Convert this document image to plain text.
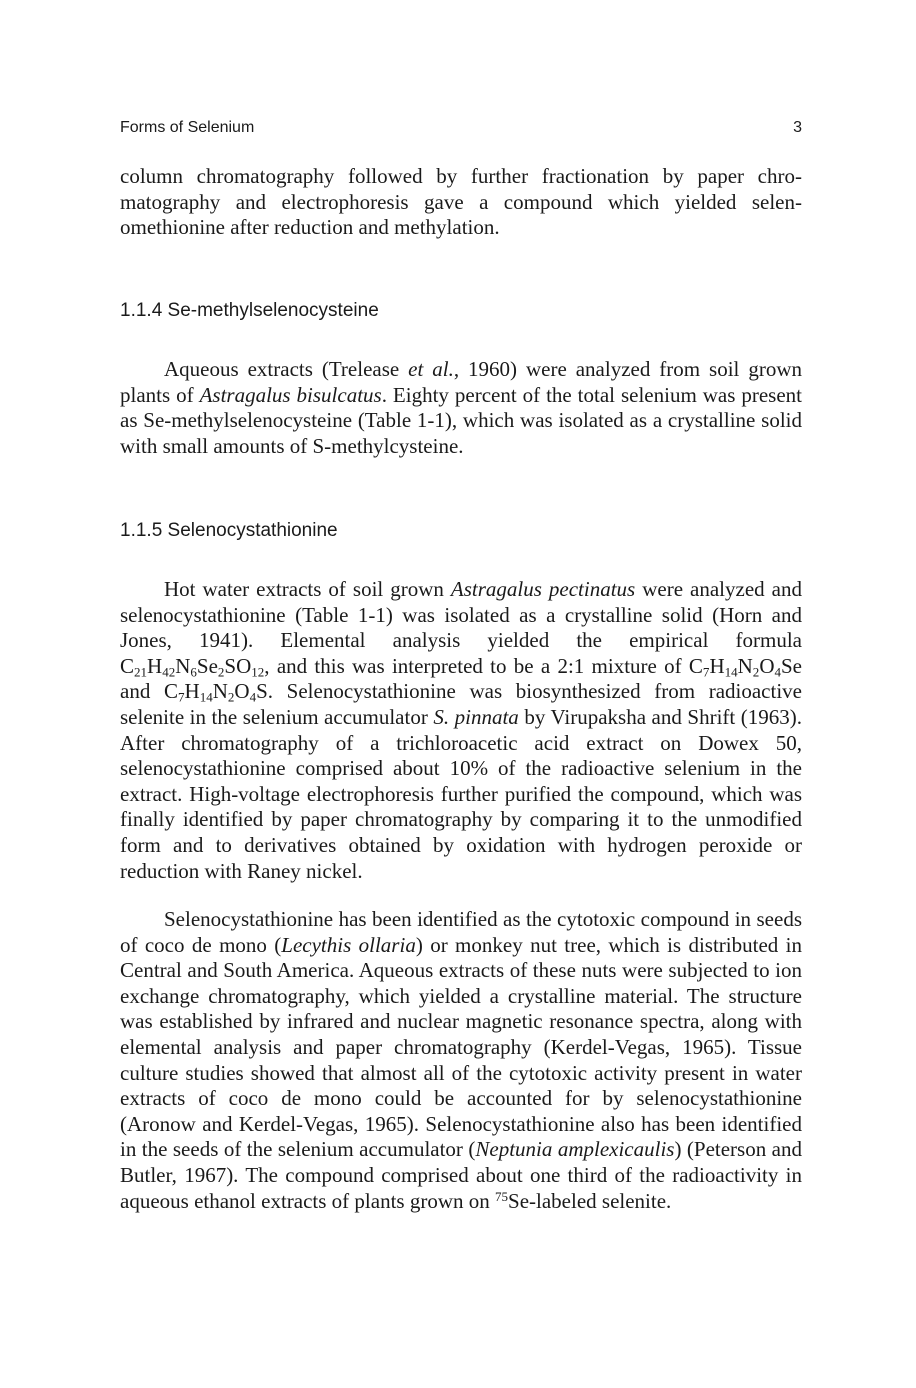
Forms of Selenium	3

column chromatography followed by further fractionation by paper chromatography and electrophoresis gave a compound which yielded selenomethionine after reduction and methylation.

1.1.4 Se-methylselenocysteine

Aqueous extracts (Trelease et al., 1960) were analyzed from soil grown plants of Astragalus bisulcatus. Eighty percent of the total selenium was present as Se-methylselenocysteine (Table 1-1), which was isolated as a crystalline solid with small amounts of S-methylcysteine.

1.1.5 Selenocystathionine

Hot water extracts of soil grown Astragalus pectinatus were analyzed and selenocystathionine (Table 1-1) was isolated as a crystalline solid (Horn and Jones, 1941). Elemental analysis yielded the empirical formula $C_{21}H_{42}N_6Se_2SO_{12}$, and this was interpreted to be a 2:1 mixture of $C_7H_{14}N_2O_4Se$ and $C_7H_{14}N_2O_4S$. Selenocystathionine was biosynthesized from radioactive selenite in the selenium accumulator S. pinnata by Virupaksha and Shrift (1963). After chromatography of a trichloroacetic acid extract on Dowex 50, selenocystathionine comprised about 10% of the radioactive selenium in the extract. High-voltage electrophoresis further purified the compound, which was finally identified by paper chromatography by comparing it to the unmodified form and to derivatives obtained by oxidation with hydrogen peroxide or reduction with Raney nickel.

Selenocystathionine has been identified as the cytotoxic compound in seeds of coco de mono (Lecythis ollaria) or monkey nut tree, which is distributed in Central and South America. Aqueous extracts of these nuts were subjected to ion exchange chromatography, which yielded a crystalline material. The structure was established by infrared and nuclear magnetic resonance spectra, along with elemental analysis and paper chromatography (Kerdel-Vegas, 1965). Tissue culture studies showed that almost all of the cytotoxic activity present in water extracts of coco de mono could be accounted for by selenocystathionine (Aronow and Kerdel-Vegas, 1965). Selenocystathionine also has been identified in the seeds of the selenium accumulator (Neptunia amplexicaulis) (Peterson and Butler, 1967). The compound comprised about one third of the radioactivity in aqueous ethanol extracts of plants grown on $^{75}$Se-labeled selenite.
